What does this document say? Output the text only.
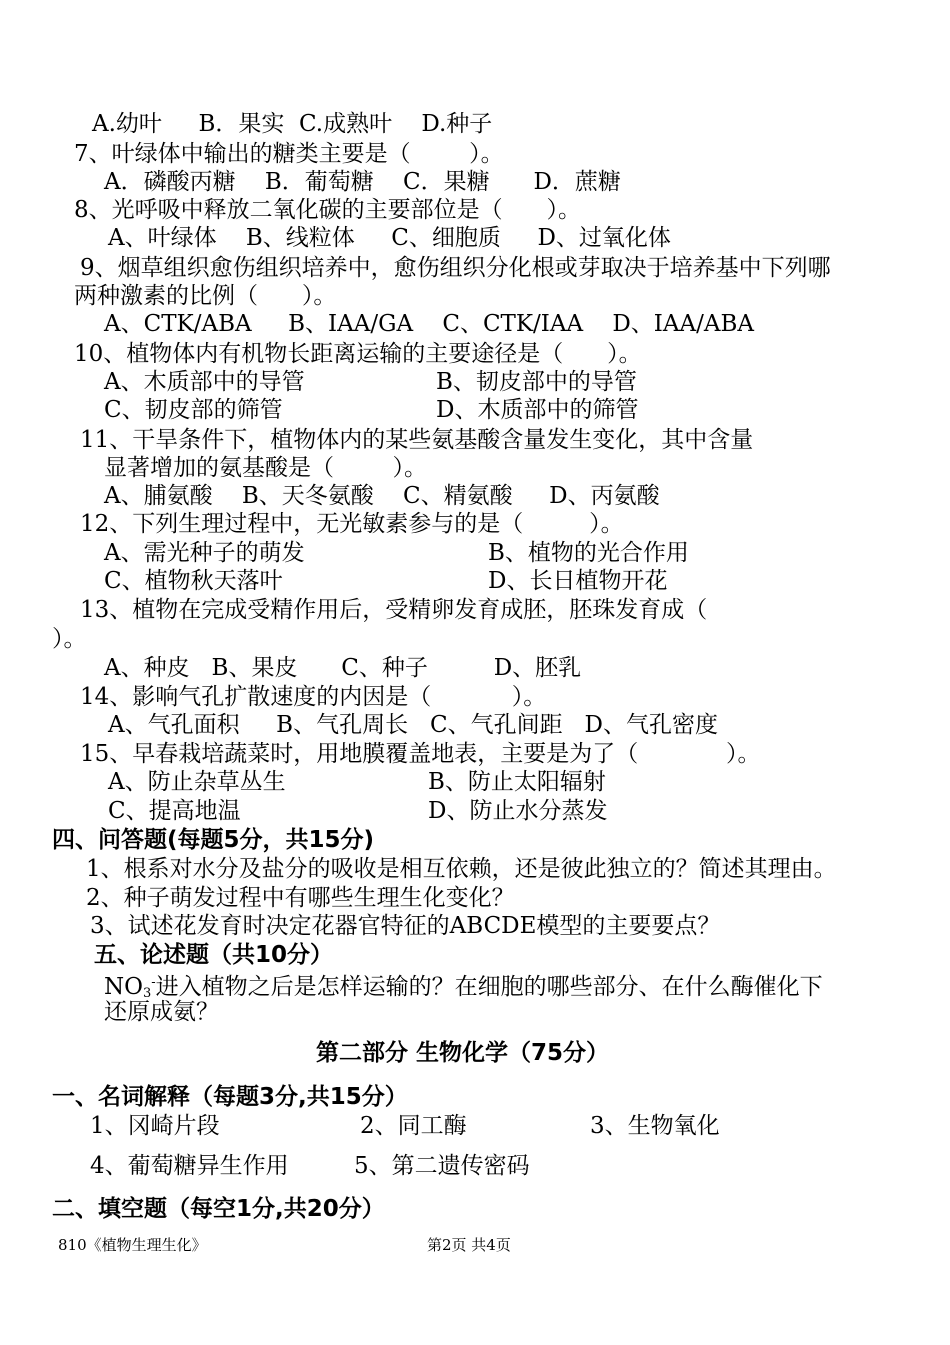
A.幼叶     B．果实  C.成熟叶    D.种子
7、叶绿体中输出的糖类主要是（        ）。
A．磷酸丙糖    B．葡萄糖    C．果糖      D．蔗糖
8、光呼吸中释放二氧化碳的主要部位是（      ）。
A、叶绿体    B、线粒体     C、细胞质     D、过氧化体
9、烟草组织愈伤组织培养中，愈伤组织分化根或芽取决于培养基中下列哪
两种激素的比例（      ）。
A、CTK/ABA     B、IAA/GA    C、CTK/IAA    D、IAA/ABA
10、植物体内有机物长距离运输的主要途径是（      ）。
A、木质部中的导管	B、韧皮部中的导管
C、韧皮部的筛管	D、木质部中的筛管
11、干旱条件下，植物体内的某些氨基酸含量发生变化，其中含量
显著增加的氨基酸是（        ）。
A、脯氨酸    B、天冬氨酸    C、精氨酸     D、丙氨酸
12、下列生理过程中，无光敏素参与的是（         ）。
A、需光种子的萌发	B、植物的光合作用
C、植物秋天落叶	D、长日植物开花
13、植物在完成受精作用后，受精卵发育成胚，胚珠发育成（
）。
A、种皮   B、果皮      C、种子         D、胚乳
14、影响气孔扩散速度的内因是（           ）。
A、气孔面积     B、气孔周长   C、气孔间距   D、气孔密度
15、早春栽培蔬菜时，用地膜覆盖地表，主要是为了（            ）。
A、防止杂草丛生	B、防止太阳辐射
C、提高地温	D、防止水分蒸发
四、问答题(每题5分，共15分)
1、根系对水分及盐分的吸收是相互依赖，还是彼此独立的？简述其理由。
2、种子萌发过程中有哪些生理生化变化？
3、试述花发育时决定花器官特征的ABCDE模型的主要要点？
五、论述题（共10分）
$NO_3^-$进入植物之后是怎样运输的？在细胞的哪些部分、在什么酶催化下
还原成氨？
第二部分 生物化学（75分）
一、名词解释（每题3分,共15分）
1、冈崎片段	2、同工酶	3、生物氧化
4、葡萄糖异生作用	5、第二遗传密码
二、填空题（每空1分,共20分）
810《植物生理生化》	第2页 共4页
